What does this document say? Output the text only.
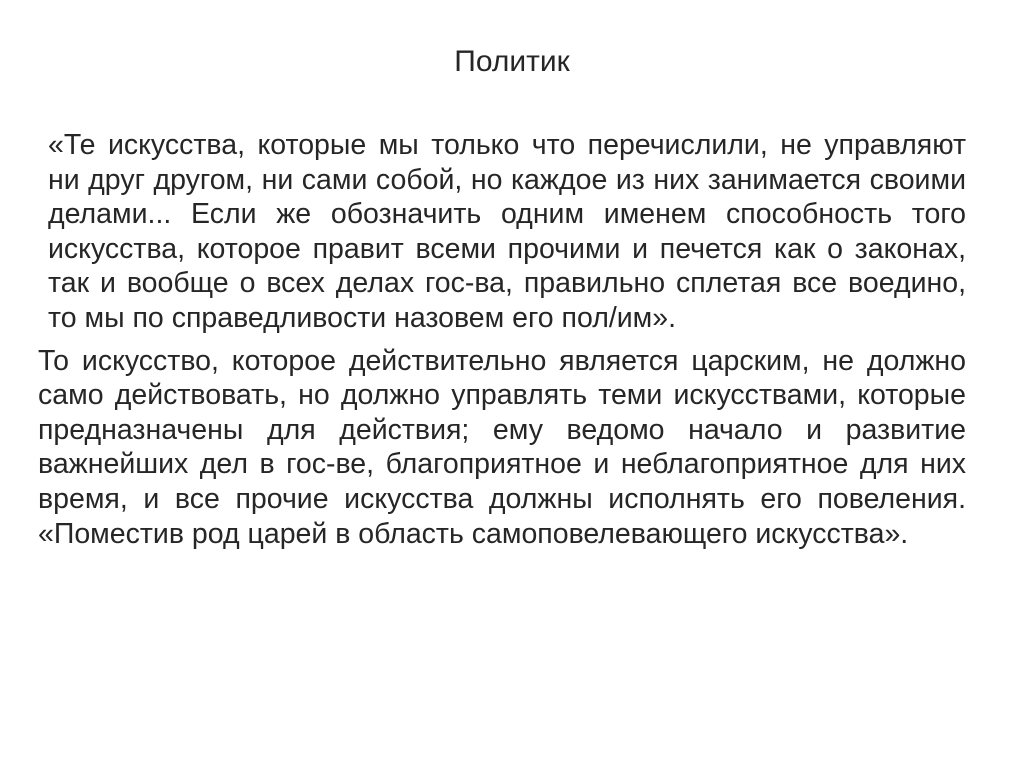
Политик

«Те искусства, которые мы только что перечислили, не управляют ни друг другом, ни сами собой, но каждое из них занимается своими делами... Если же обозначить одним именем способность того искусства, которое правит всеми прочими и печется как о законах, так и вообще о всех делах гос-ва, правильно сплетая все воедино, то мы по справедливости назовем его пол/им».

То искусство, которое действительно является царским, не должно само действовать, но должно управлять теми искусствами, которые предназначены для действия; ему ведомо начало и развитие важнейших дел в гос-ве, благоприятное и неблагоприятное для них время, и все прочие искусства должны исполнять его повеления. «Поместив род царей в область самоповелевающего искусства».
